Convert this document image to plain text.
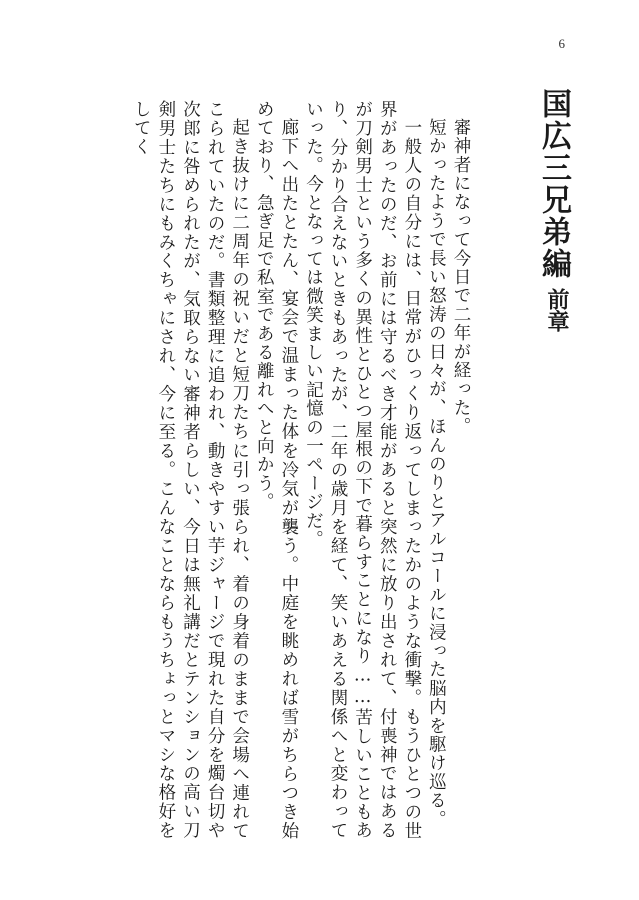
6
国広三兄弟編
前章

審神者になって今日で二年が経った。

短かったようで長い怒涛の日々が、ほんのりとアルコールに浸った脳内を駆け巡る。

一般人の自分には、日常がひっくり返ってしまったかのような衝撃。もうひとつの世界があったのだ、お前には守るべき才能があると突然に放り出されて、付喪神ではあるが刀剣男士という多くの異性とひとつ屋根の下で暮らすことになり……苦しいこともあり、分かり合えないときもあったが、二年の歳月を経て、笑いあえる関係へと変わっていった。今となっては微笑ましい記憶の一ページだ。

廊下へ出たとたん、宴会で温まった体を冷気が襲う。中庭を眺めれば雪がちらつき始めており、急ぎ足で私室である離れへと向かう。

起き抜けに二周年の祝いだと短刀たちに引っ張られ、着の身着のままで会場へ連れてこられていたのだ。書類整理に追われ、動きやすい芋ジャージで現れた自分を燭台切や次郎に咎められたが、気取らない審神者らしい、今日は無礼講だとテンションの高い刀剣男士たちにもみくちゃにされ、今に至る。こんなことならもうちょっとマシな格好をしてく
